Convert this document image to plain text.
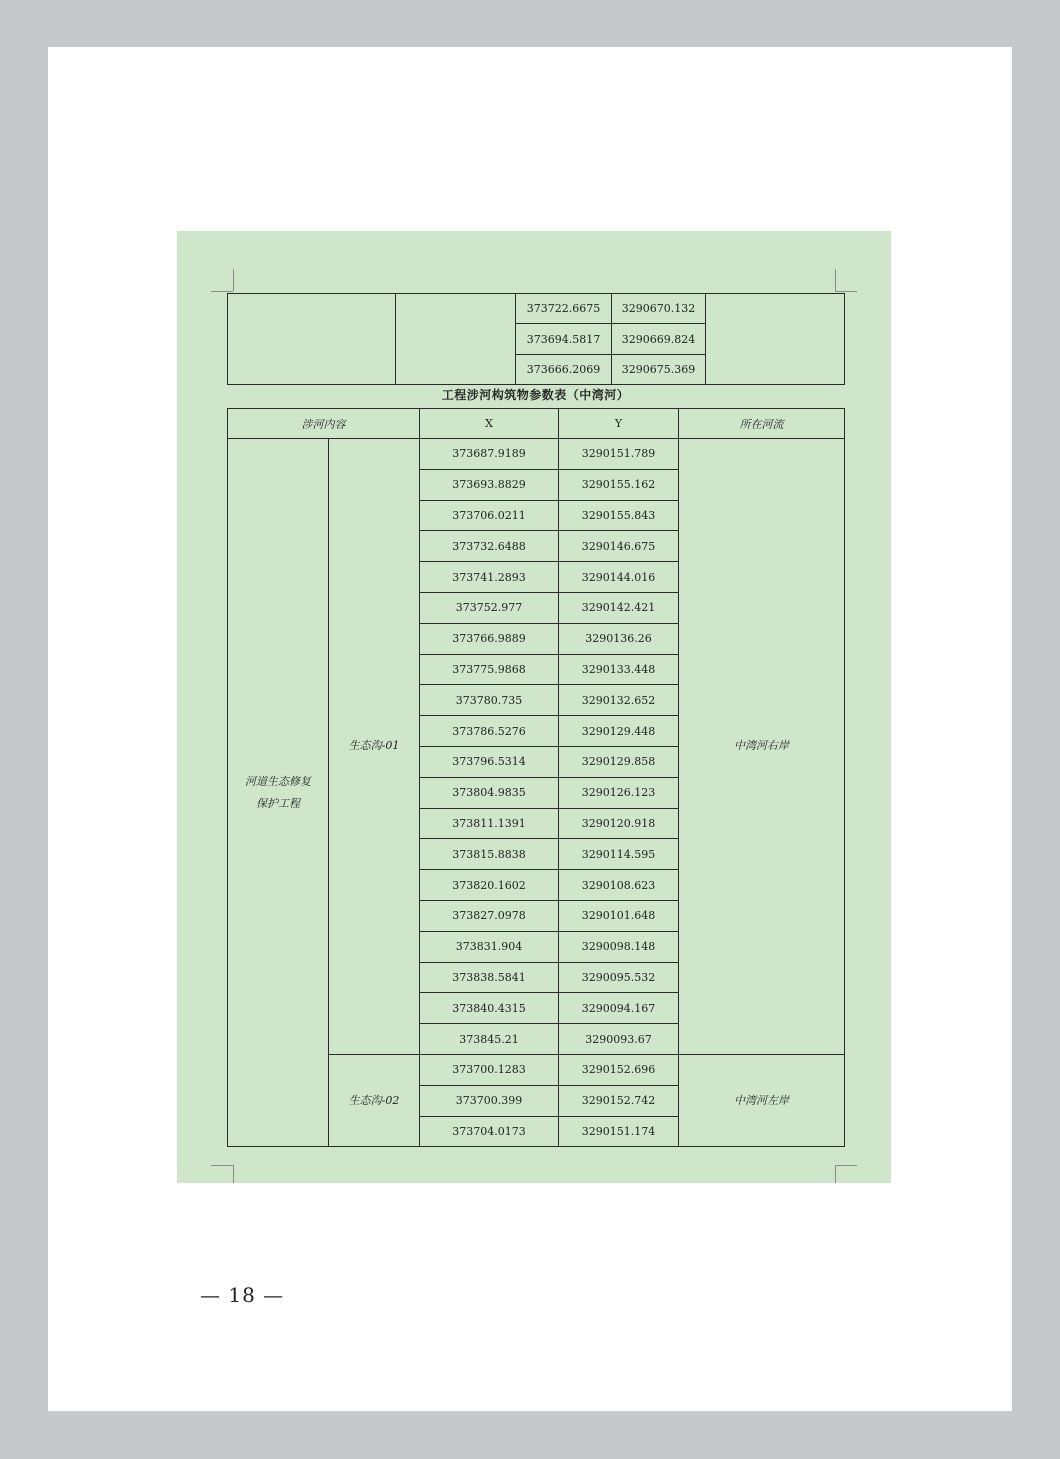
		373722.6675	3290670.132	
		373694.5817	3290669.824	
		373666.2069	3290675.369	
工程涉河构筑物参数表（中湾河）
涉河内容		X	Y	所在河流
河道生态修复保护工程	生态沟-01	373687.9189	3290151.789	中湾河右岸
		373693.8829	3290155.162	
		373706.0211	3290155.843	
		373732.6488	3290146.675	
		373741.2893	3290144.016	
		373752.977	3290142.421	
		373766.9889	3290136.26	
		373775.9868	3290133.448	
		373780.735	3290132.652	
		373786.5276	3290129.448	
		373796.5314	3290129.858	
		373804.9835	3290126.123	
		373811.1391	3290120.918	
		373815.8838	3290114.595	
		373820.1602	3290108.623	
		373827.0978	3290101.648	
		373831.904	3290098.148	
		373838.5841	3290095.532	
		373840.4315	3290094.167	
		373845.21	3290093.67	
	生态沟-02	373700.1283	3290152.696	中湾河左岸
		373700.399	3290152.742	
		373704.0173	3290151.174	
— 18 —
